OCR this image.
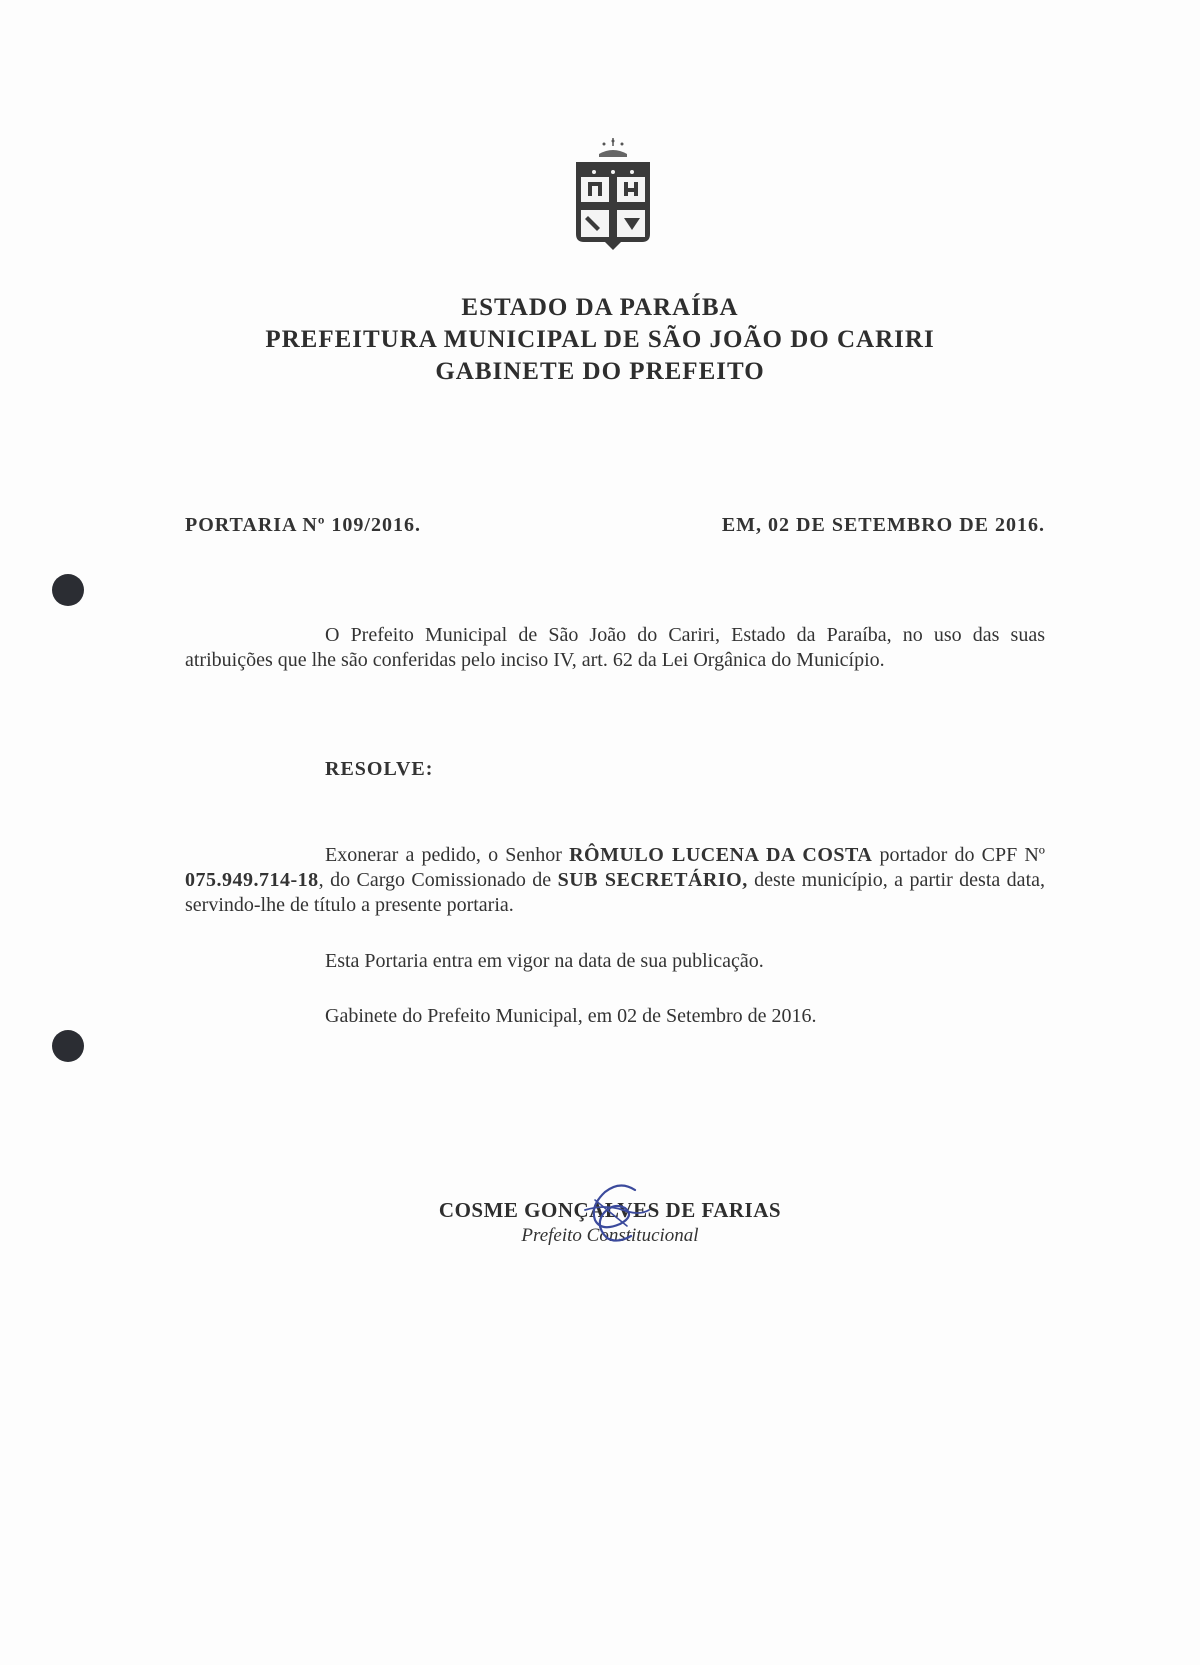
ESTADO DA PARAÍBA
PREFEITURA MUNICIPAL DE SÃO JOÃO DO CARIRI
GABINETE DO PREFEITO
PORTARIA Nº 109/2016.	EM, 02 DE SETEMBRO DE 2016.
O Prefeito Municipal de São João do Cariri, Estado da Paraíba, no uso das suas atribuições que lhe são conferidas pelo inciso IV, art. 62 da Lei Orgânica do Município.
RESOLVE:
Exonerar a pedido, o Senhor RÔMULO LUCENA DA COSTA portador do CPF Nº 075.949.714-18, do Cargo Comissionado de SUB SECRETÁRIO, deste município, a partir desta data, servindo-lhe de título a presente portaria.
Esta Portaria entra em vigor na data de sua publicação.
Gabinete do Prefeito Municipal, em 02 de Setembro de 2016.
COSME GONÇALVES DE FARIAS
Prefeito Constitucional
